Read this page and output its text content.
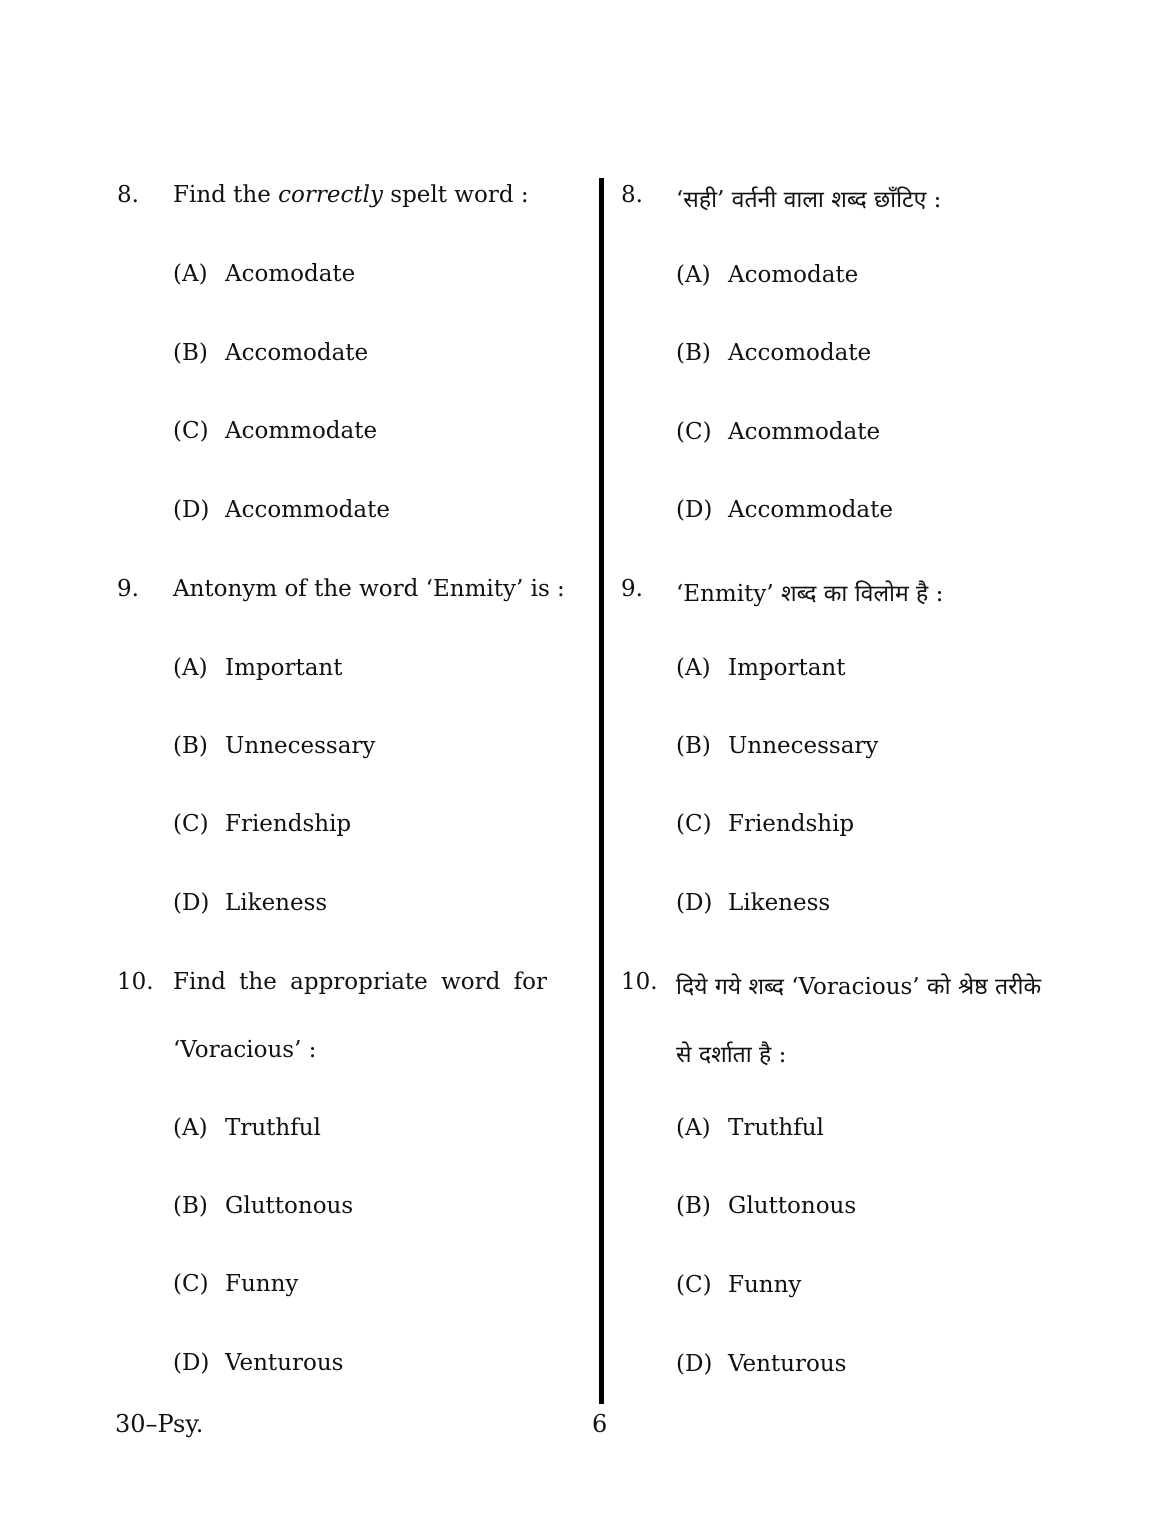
8. Find the correctly spelt word :
(A) Acomodate
(B) Accomodate
(C) Acommodate
(D) Accommodate
9. Antonym of the word ‘Enmity’ is :
(A) Important
(B) Unnecessary
(C) Friendship
(D) Likeness
10. Find the appropriate word for
‘Voracious’ :
(A) Truthful
(B) Gluttonous
(C) Funny
(D) Venturous
8. ‘सही’ वर्तनी वाला शब्द छाँटिए :
(A) Acomodate
(B) Accomodate
(C) Acommodate
(D) Accommodate
9. ‘Enmity’ शब्द का विलोम है :
(A) Important
(B) Unnecessary
(C) Friendship
(D) Likeness
10. दिये गये शब्द ‘Voracious’ को श्रेष्ठ तरीके
से दर्शाता है :
(A) Truthful
(B) Gluttonous
(C) Funny
(D) Venturous
30–Psy.	6
